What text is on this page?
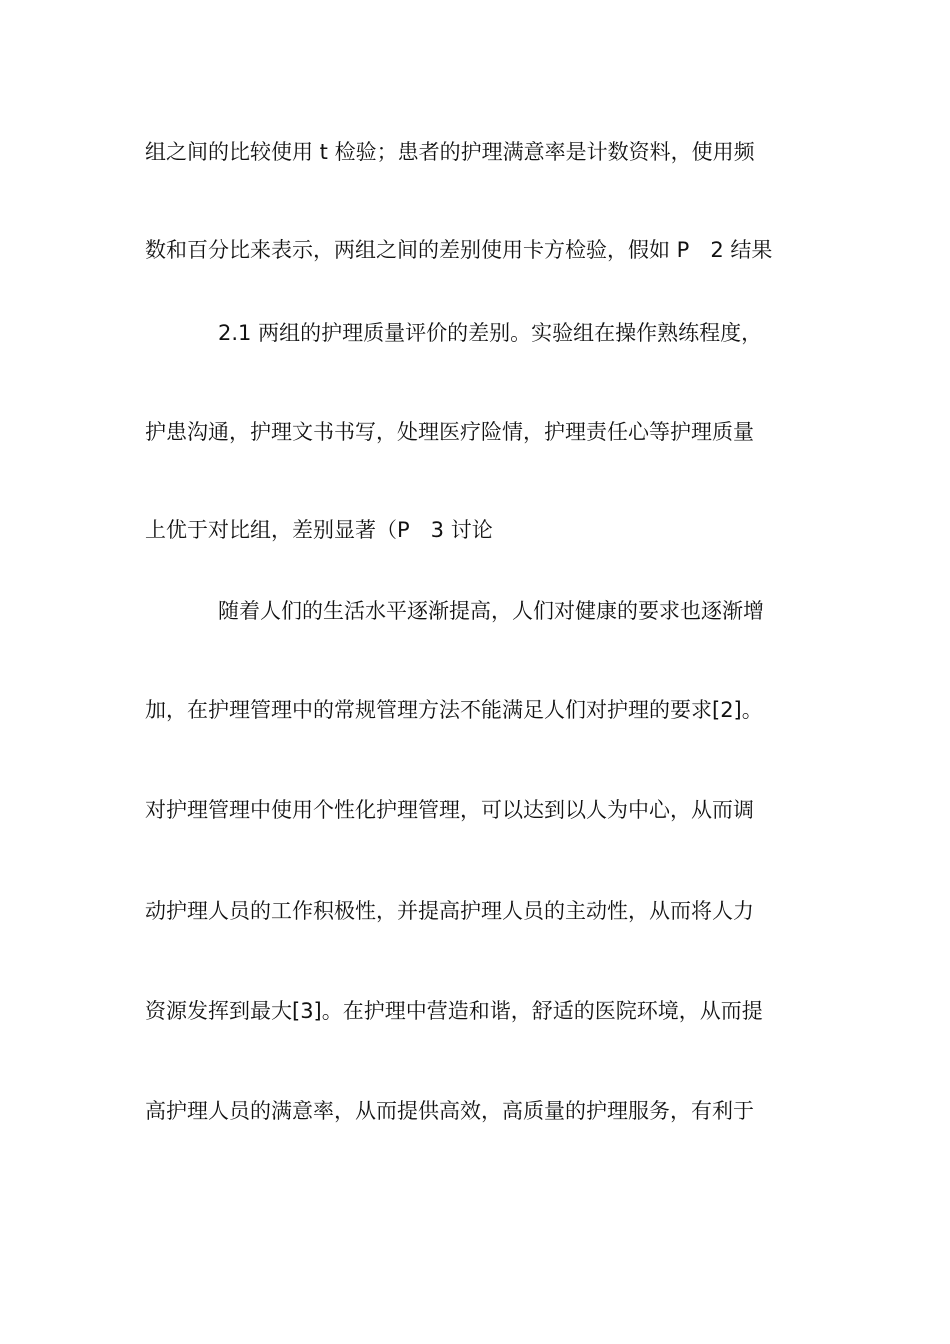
组之间的比较使用 t 检验；患者的护理满意率是计数资料，使用频
数和百分比来表示，两组之间的差别使用卡方检验，假如 P　2 结果
2.1 两组的护理质量评价的差别。实验组在操作熟练程度，
护患沟通，护理文书书写，处理医疗险情，护理责任心等护理质量
上优于对比组，差别显著（P　3 讨论
随着人们的生活水平逐渐提高，人们对健康的要求也逐渐增
加，在护理管理中的常规管理方法不能满足人们对护理的要求[2]。
对护理管理中使用个性化护理管理，可以达到以人为中心，从而调
动护理人员的工作积极性，并提高护理人员的主动性，从而将人力
资源发挥到最大[3]。在护理中营造和谐，舒适的医院环境，从而提
高护理人员的满意率，从而提供高效，高质量的护理服务，有利于
